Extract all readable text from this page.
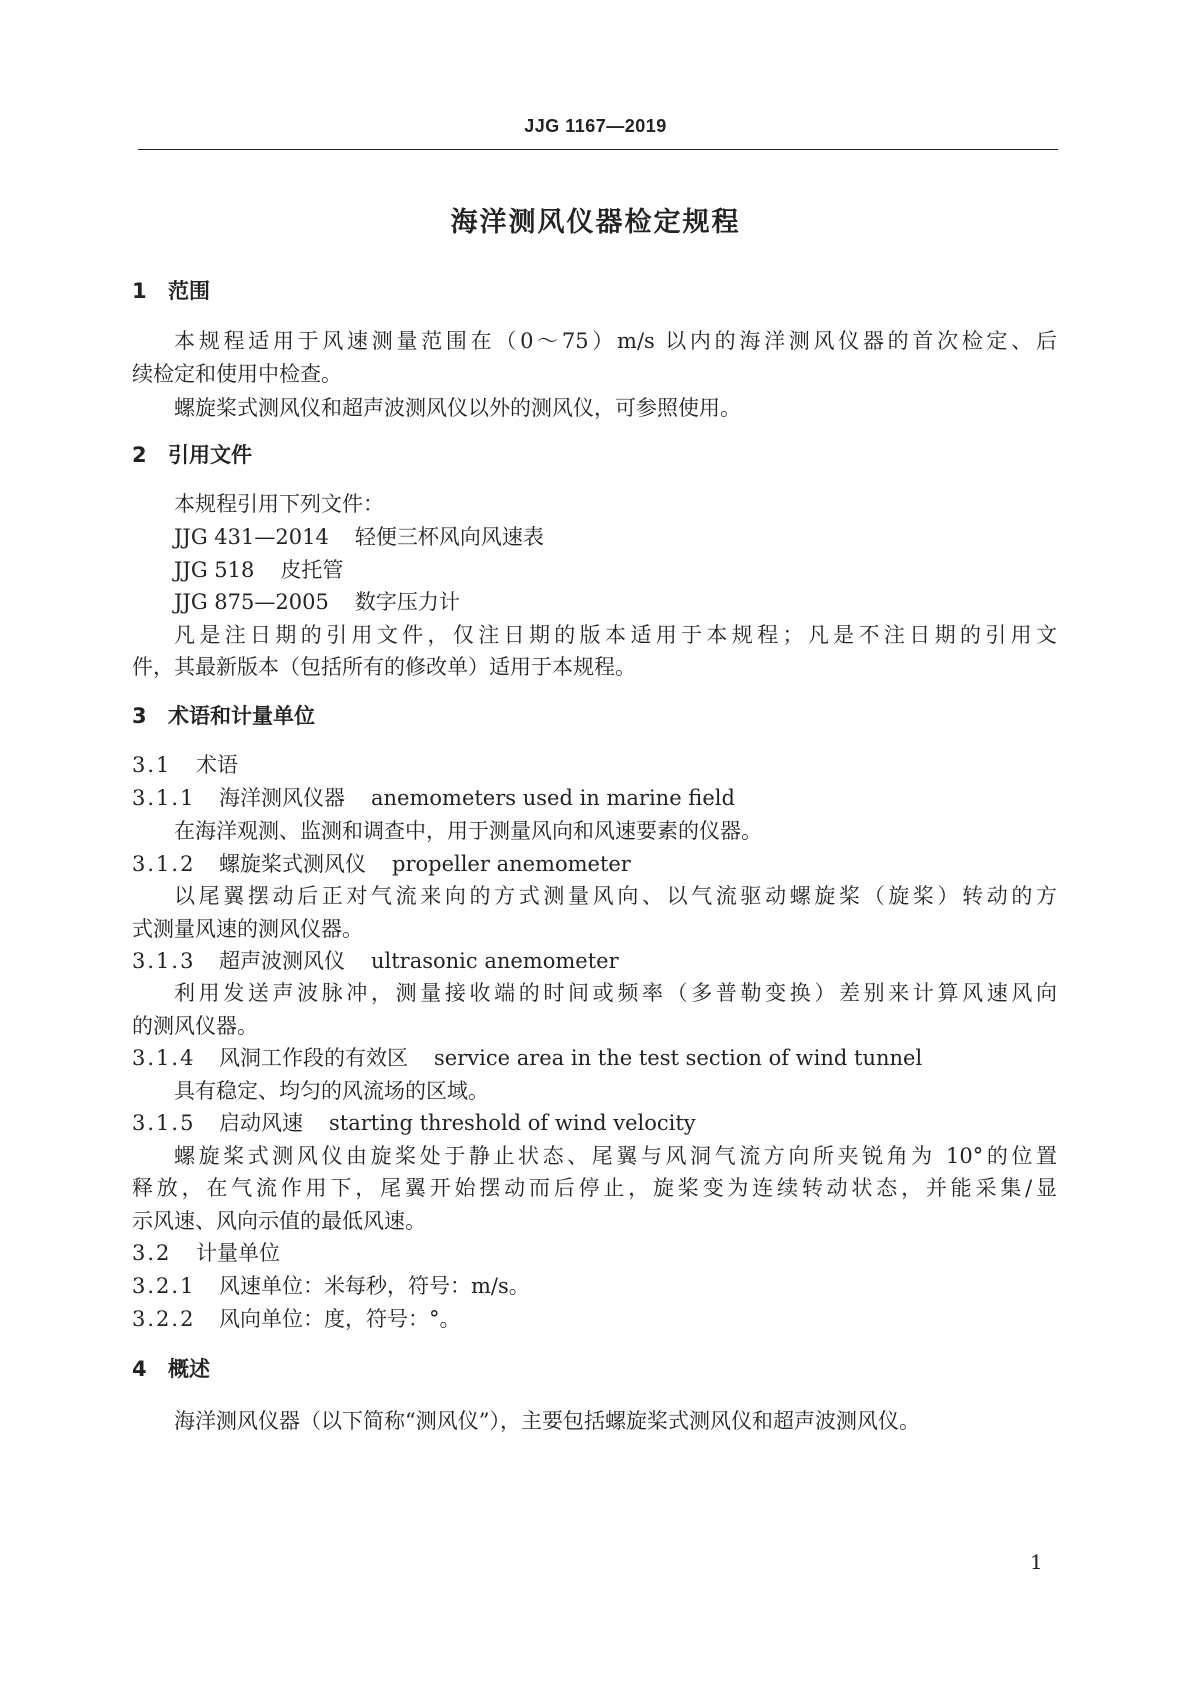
JJG 1167—2019
海洋测风仪器检定规程
1 范围
本规程适用于风速测量范围在（0～75）m/s 以内的海洋测风仪器的首次检定、后
续检定和使用中检查。
螺旋桨式测风仪和超声波测风仪以外的测风仪，可参照使用。
2 引用文件
本规程引用下列文件：
JJG 431—2014 轻便三杯风向风速表
JJG 518 皮托管
JJG 875—2005 数字压力计
凡是注日期的引用文件，仅注日期的版本适用于本规程；凡是不注日期的引用文
件，其最新版本（包括所有的修改单）适用于本规程。
3 术语和计量单位
3.1 术语
3.1.1 海洋测风仪器 anemometers used in marine field
在海洋观测、监测和调查中，用于测量风向和风速要素的仪器。
3.1.2 螺旋桨式测风仪 propeller anemometer
以尾翼摆动后正对气流来向的方式测量风向、以气流驱动螺旋桨（旋桨）转动的方
式测量风速的测风仪器。
3.1.3 超声波测风仪 ultrasonic anemometer
利用发送声波脉冲，测量接收端的时间或频率（多普勒变换）差别来计算风速风向
的测风仪器。
3.1.4 风洞工作段的有效区 service area in the test section of wind tunnel
具有稳定、均匀的风流场的区域。
3.1.5 启动风速 starting threshold of wind velocity
螺旋桨式测风仪由旋桨处于静止状态、尾翼与风洞气流方向所夹锐角为 10°的位置
释放，在气流作用下，尾翼开始摆动而后停止，旋桨变为连续转动状态，并能采集/显
示风速、风向示值的最低风速。
3.2 计量单位
3.2.1 风速单位：米每秒，符号：m/s。
3.2.2 风向单位：度，符号：°。
4 概述
海洋测风仪器（以下简称“测风仪”），主要包括螺旋桨式测风仪和超声波测风仪。
1
